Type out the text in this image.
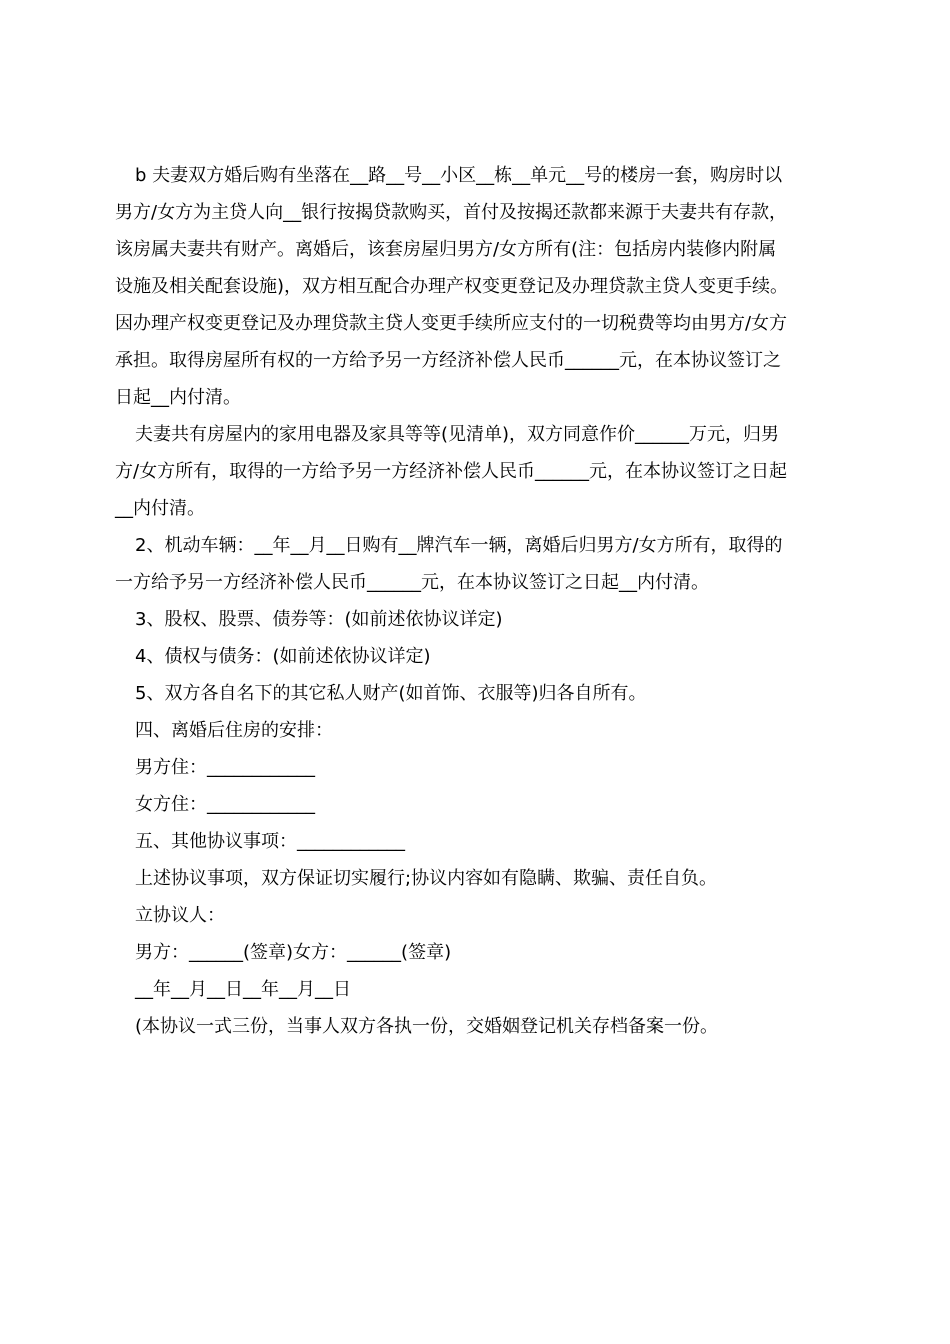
b 夫妻双方婚后购有坐落在__路__号__小区__栋__单元__号的楼房一套，购房时以
男方/女方为主贷人向__银行按揭贷款购买，首付及按揭还款都来源于夫妻共有存款，
该房属夫妻共有财产。离婚后，该套房屋归男方/女方所有(注：包括房内装修内附属
设施及相关配套设施)，双方相互配合办理产权变更登记及办理贷款主贷人变更手续。
因办理产权变更登记及办理贷款主贷人变更手续所应支付的一切税费等均由男方/女方
承担。取得房屋所有权的一方给予另一方经济补偿人民币______元，在本协议签订之
日起__内付清。
夫妻共有房屋内的家用电器及家具等等(见清单)，双方同意作价______万元，归男
方/女方所有，取得的一方给予另一方经济补偿人民币______元，在本协议签订之日起
__内付清。
2、机动车辆：__年__月__日购有__牌汽车一辆，离婚后归男方/女方所有，取得的
一方给予另一方经济补偿人民币______元，在本协议签订之日起__内付清。
3、股权、股票、债券等：(如前述依协议详定)
4、债权与债务：(如前述依协议详定)
5、双方各自名下的其它私人财产(如首饰、衣服等)归各自所有。
四、离婚后住房的安排：
男方住：____________
女方住：____________
五、其他协议事项：____________
上述协议事项，双方保证切实履行;协议内容如有隐瞒、欺骗、责任自负。
立协议人：
男方：______(签章)女方：______(签章)
__年__月__日__年__月__日
(本协议一式三份，当事人双方各执一份，交婚姻登记机关存档备案一份。
